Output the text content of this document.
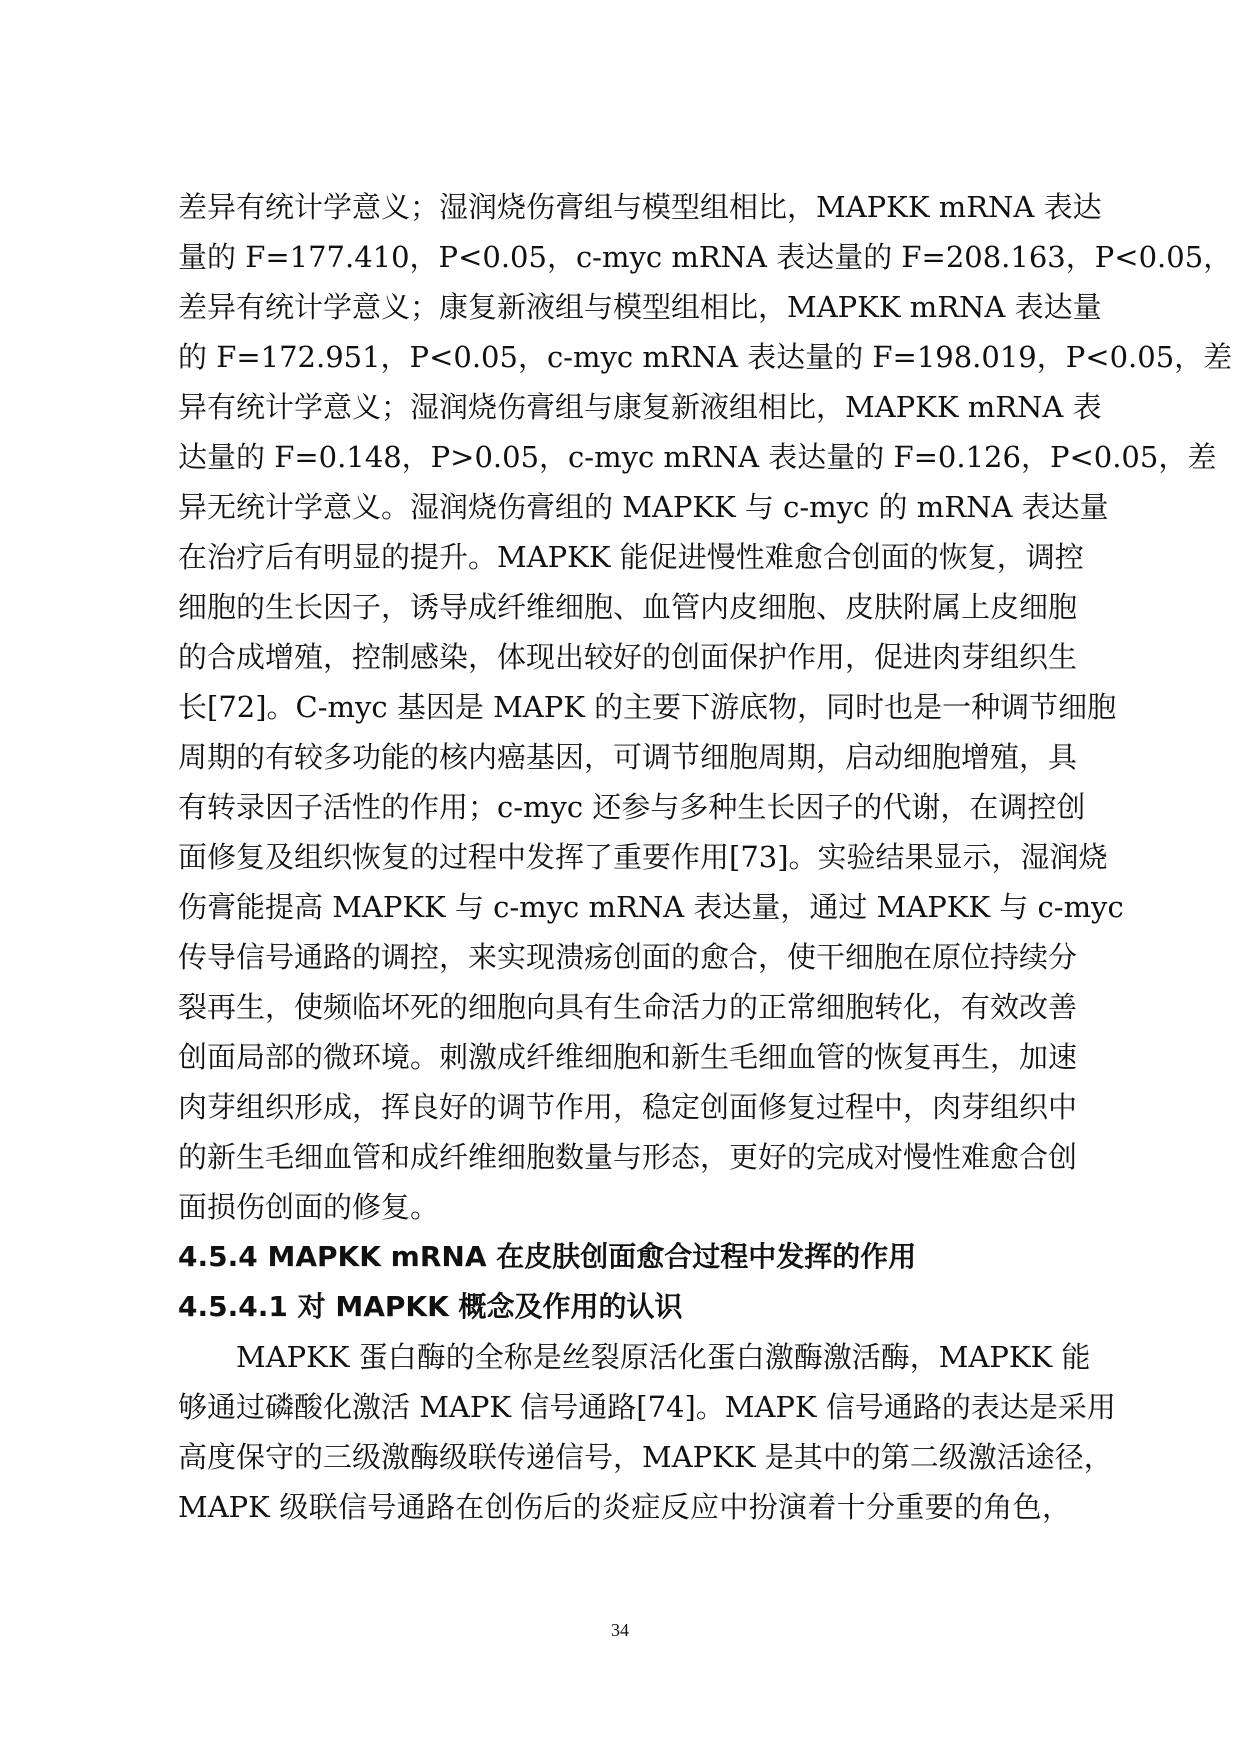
差异有统计学意义；湿润烧伤膏组与模型组相比，MAPKK mRNA 表达
量的 F=177.410，P<0.05，c-myc mRNA 表达量的 F=208.163，P<0.05，
差异有统计学意义；康复新液组与模型组相比，MAPKK mRNA 表达量
的 F=172.951，P<0.05，c-myc mRNA 表达量的 F=198.019，P<0.05，差
异有统计学意义；湿润烧伤膏组与康复新液组相比，MAPKK mRNA 表
达量的 F=0.148，P>0.05，c-myc mRNA 表达量的 F=0.126，P<0.05，差
异无统计学意义。湿润烧伤膏组的 MAPKK 与 c-myc 的 mRNA 表达量
在治疗后有明显的提升。MAPKK 能促进慢性难愈合创面的恢复，调控
细胞的生长因子，诱导成纤维细胞、血管内皮细胞、皮肤附属上皮细胞
的合成增殖，控制感染，体现出较好的创面保护作用，促进肉芽组织生
长[72]。C-myc 基因是 MAPK 的主要下游底物，同时也是一种调节细胞
周期的有较多功能的核内癌基因，可调节细胞周期，启动细胞增殖，具
有转录因子活性的作用；c-myc 还参与多种生长因子的代谢，在调控创
面修复及组织恢复的过程中发挥了重要作用[73]。实验结果显示，湿润烧
伤膏能提高 MAPKK 与 c-myc mRNA 表达量，通过 MAPKK 与 c-myc
传导信号通路的调控，来实现溃疡创面的愈合，使干细胞在原位持续分
裂再生，使频临坏死的细胞向具有生命活力的正常细胞转化，有效改善
创面局部的微环境。刺激成纤维细胞和新生毛细血管的恢复再生，加速
肉芽组织形成，挥良好的调节作用，稳定创面修复过程中，肉芽组织中
的新生毛细血管和成纤维细胞数量与形态，更好的完成对慢性难愈合创
面损伤创面的修复。
4.5.4 MAPKK mRNA 在皮肤创面愈合过程中发挥的作用
4.5.4.1 对 MAPKK 概念及作用的认识
MAPKK 蛋白酶的全称是丝裂原活化蛋白激酶激活酶，MAPKK 能
够通过磷酸化激活 MAPK 信号通路[74]。MAPK 信号通路的表达是采用
高度保守的三级激酶级联传递信号，MAPKK 是其中的第二级激活途径，
MAPK 级联信号通路在创伤后的炎症反应中扮演着十分重要的角色，
34
